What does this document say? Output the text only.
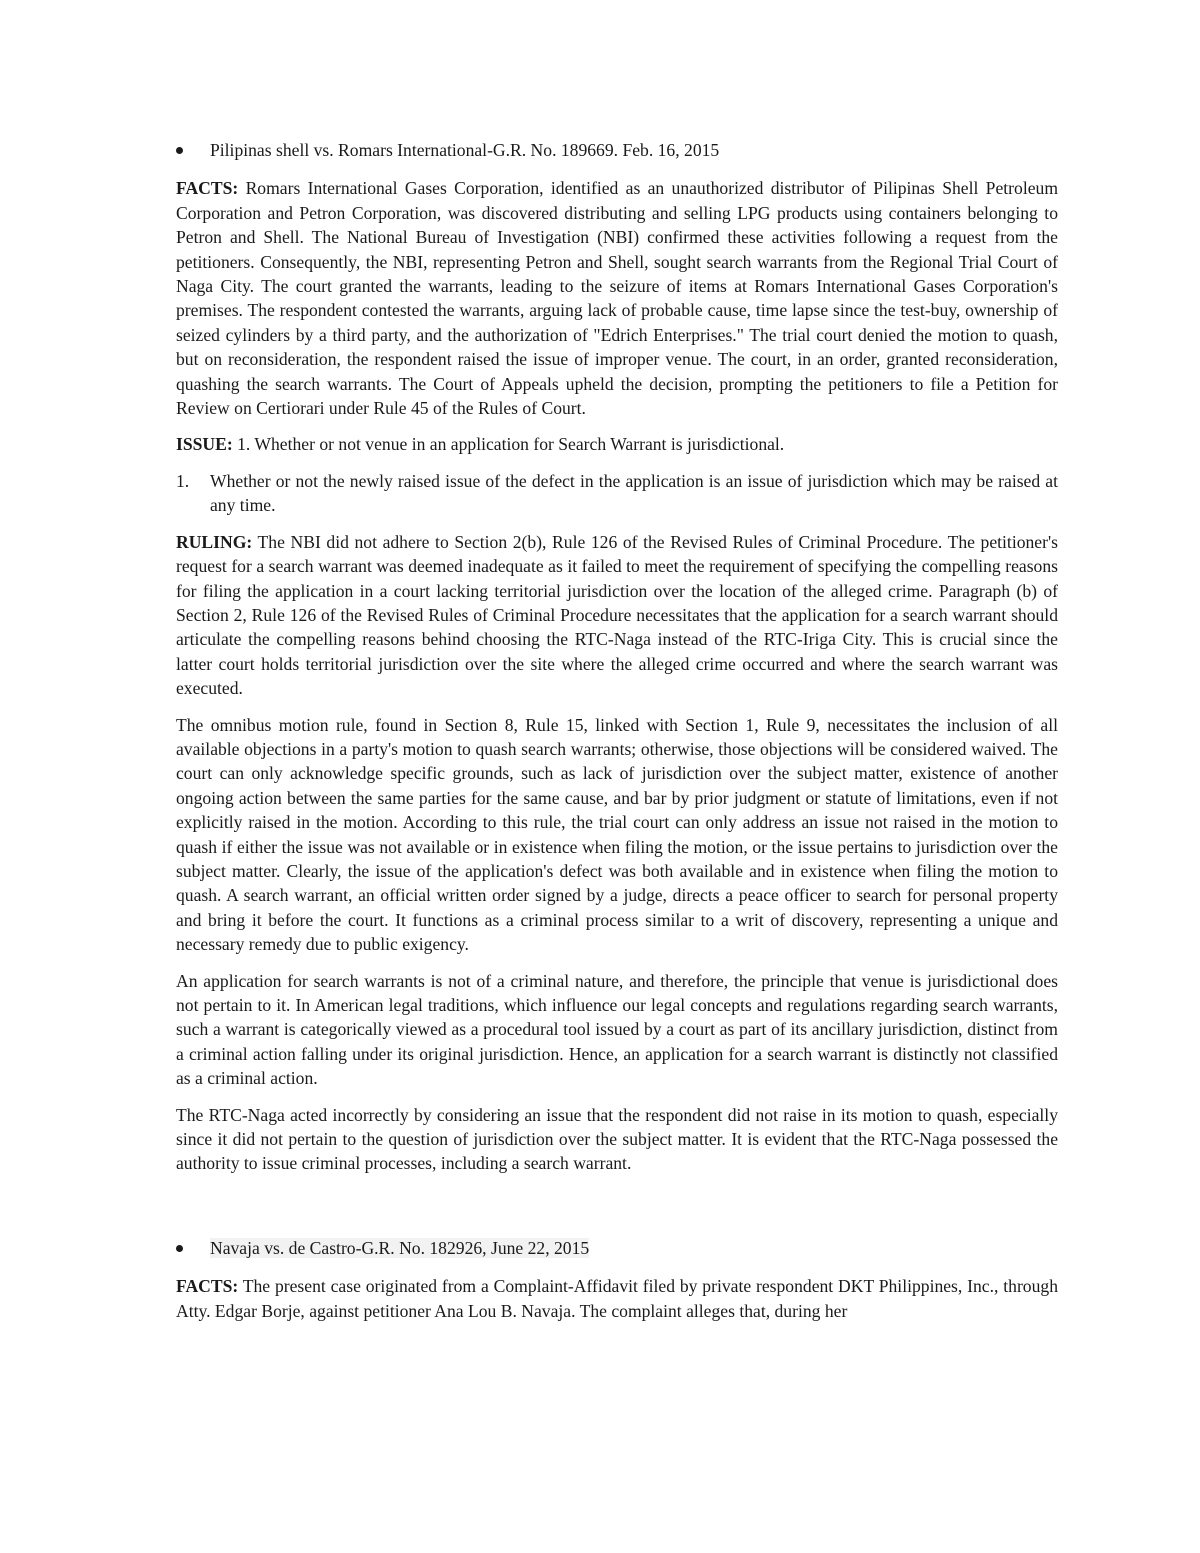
Pilipinas shell vs. Romars International-G.R. No. 189669. Feb. 16, 2015

FACTS: Romars International Gases Corporation, identified as an unauthorized distributor of Pilipinas Shell Petroleum Corporation and Petron Corporation, was discovered distributing and selling LPG products using containers belonging to Petron and Shell. The National Bureau of Investigation (NBI) confirmed these activities following a request from the petitioners. Consequently, the NBI, representing Petron and Shell, sought search warrants from the Regional Trial Court of Naga City. The court granted the warrants, leading to the seizure of items at Romars International Gases Corporation's premises. The respondent contested the warrants, arguing lack of probable cause, time lapse since the test-buy, ownership of seized cylinders by a third party, and the authorization of "Edrich Enterprises." The trial court denied the motion to quash, but on reconsideration, the respondent raised the issue of improper venue. The court, in an order, granted reconsideration, quashing the search warrants. The Court of Appeals upheld the decision, prompting the petitioners to file a Petition for Review on Certiorari under Rule 45 of the Rules of Court.

ISSUE: 1. Whether or not venue in an application for Search Warrant is jurisdictional.

1. Whether or not the newly raised issue of the defect in the application is an issue of jurisdiction which may be raised at any time.

RULING: The NBI did not adhere to Section 2(b), Rule 126 of the Revised Rules of Criminal Procedure. The petitioner's request for a search warrant was deemed inadequate as it failed to meet the requirement of specifying the compelling reasons for filing the application in a court lacking territorial jurisdiction over the location of the alleged crime. Paragraph (b) of Section 2, Rule 126 of the Revised Rules of Criminal Procedure necessitates that the application for a search warrant should articulate the compelling reasons behind choosing the RTC-Naga instead of the RTC-Iriga City. This is crucial since the latter court holds territorial jurisdiction over the site where the alleged crime occurred and where the search warrant was executed.

The omnibus motion rule, found in Section 8, Rule 15, linked with Section 1, Rule 9, necessitates the inclusion of all available objections in a party's motion to quash search warrants; otherwise, those objections will be considered waived. The court can only acknowledge specific grounds, such as lack of jurisdiction over the subject matter, existence of another ongoing action between the same parties for the same cause, and bar by prior judgment or statute of limitations, even if not explicitly raised in the motion. According to this rule, the trial court can only address an issue not raised in the motion to quash if either the issue was not available or in existence when filing the motion, or the issue pertains to jurisdiction over the subject matter. Clearly, the issue of the application's defect was both available and in existence when filing the motion to quash. A search warrant, an official written order signed by a judge, directs a peace officer to search for personal property and bring it before the court. It functions as a criminal process similar to a writ of discovery, representing a unique and necessary remedy due to public exigency.

An application for search warrants is not of a criminal nature, and therefore, the principle that venue is jurisdictional does not pertain to it. In American legal traditions, which influence our legal concepts and regulations regarding search warrants, such a warrant is categorically viewed as a procedural tool issued by a court as part of its ancillary jurisdiction, distinct from a criminal action falling under its original jurisdiction. Hence, an application for a search warrant is distinctly not classified as a criminal action.

The RTC-Naga acted incorrectly by considering an issue that the respondent did not raise in its motion to quash, especially since it did not pertain to the question of jurisdiction over the subject matter. It is evident that the RTC-Naga possessed the authority to issue criminal processes, including a search warrant.

Navaja vs. de Castro-G.R. No. 182926, June 22, 2015

FACTS: The present case originated from a Complaint-Affidavit filed by private respondent DKT Philippines, Inc., through Atty. Edgar Borje, against petitioner Ana Lou B. Navaja. The complaint alleges that, during her
